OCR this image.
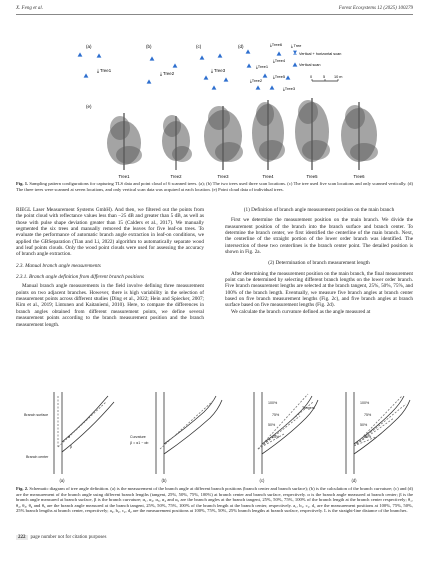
X. Feng et al.	Forest Ecosystems 12 (2025) 100279
(a)
⤓ Tree1
(b)
⤓ Tree2
(c)
⤓ Tree3
(d)	⤓Tree6
⤓Tree4
⤓Tree5
⤓Tree2
⤓Tree3
⤓Tree1
⤓ Tree
Vertical + horizontal scan
Vertical scan
0	5 10 m
(e)
Tree1	Tree2	Tree3	Tree4	Tree5	Tree6
Fig. 1. Sampling pattern configurations for capturing TLS data and point cloud of 6 scanned trees. (a); (b) The two trees used three scan locations. (c) The tree used five scan locations and only scanned vertically. (d) The three trees were scanned at seven locations, and only vertical scan data was acquired at each location. (e) Point cloud data of individual trees.

RIEGL Laser Measurement Systems GmbH). And then, we filtered out the points from the point cloud with reflectance values less than −25 dB and greater than 5 dB, as well as those with pulse shape deviation greater than 15 (Calders et al., 2017). We manually segmented the six trees and manually removed the leaves for five leaf-on trees. To evaluate the performance of automatic branch angle extraction in leaf-on conditions, we applied the GBSeparation (Tian and Li, 2022) algorithm to automatically separate wood and leaf points clouds. Only the wood point clouds were used for assessing the accuracy of branch angle extraction.

2.3. Manual branch angle measurements
2.3.1. Branch angle definition from different branch positions

Manual branch angle measurements in the field involve defining three measurement points on two adjacent branches. However, there is high variability in the selection of measurement points across different studies (Ding et al., 2022; Hein and Spiecker, 2007; Kim et al., 2019; Lintunen and Kaitaniemi, 2010). Here, to compare the differences in branch angles obtained from different measurement points, we define several measurement points according to the branch measurement position and the branch measurement length.

(1) Definition of branch angle measurement position on the main branch

First we determine the measurement position on the main branch. We divide the measurement position of the branch into the branch surface and branch center. To determine the branch center, we first identified the centerline of the main branch. Next, the centerline of the straight portion of the lower order branch was identified. The intersection of these two centerlines is the branch center point. The detailed position is shown in Fig. 2a.

(2) Determination of branch measurement length

After determining the measurement position on the main branch, the final measurement point can be determined by selecting different branch lengths on the lower order branch. Five branch measurement lengths are selected at the branch tangent, 25%, 50%, 75%, and 100% of the branch length. Eventually, we measure five branch angles at branch center based on five branch measurement lengths (Fig. 2c), and five branch angles at branch surface based on five measurement lengths (Fig. 2d).

We calculate the branch curvature defined as the angle measured at

Branch surface
Branch center
Curvature
β = α1 − αb
Tangent
100%
75%
50%
25%
100%
75%
50%
25%
α
β
(a)	(b)	(c)	(d)
Fig. 2. Schematic diagram of tree angle definition. (a) is the measurement of the branch angle at different branch positions (branch center and branch surface); (b) is the calculation of the branch curvature; (c) and (d) are the measurement of the branch angle using different branch lengths (tangent, 25%, 50%, 75%, 100%) at branch center and branch surface, respectively. α is the branch angle measured at branch center; β is the branch angle measured at branch surface, β is the branch curvature; α₁, α₂, α₃, α₄ and α₅ are the branch angles at the branch tangent, 25%, 50%, 75%, 100% of the branch length at the branch center respectively; θ₁, θ₂, θ₃, θ₄ and θ₅ are the branch angle measured at the branch tangent, 25%, 50%, 75%, 100% of the branch length at the branch center, respectively. a₁, b₁, c₁, d₁ are the measurement positions at 100%, 75%, 50%, 25% branch lengths at branch center, respectively; a₂, b₂, c₂, d₂ are the measurement positions at 100%, 75%, 50%, 25% branch lengths at branch surface, respectively. L is the straight-line distance of the branches.
222	page number not for citation purposes
